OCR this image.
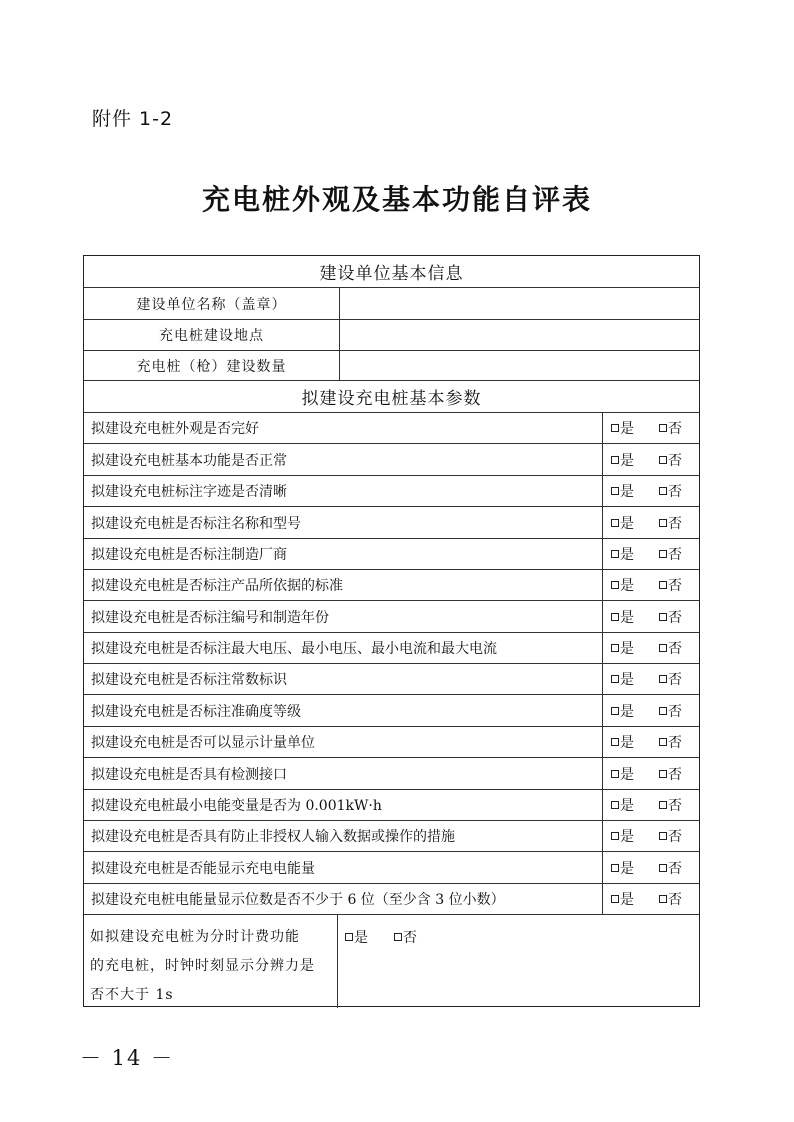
附件 1-2
充电桩外观及基本功能自评表
建设单位基本信息
建设单位名称（盖章）
充电桩建设地点
充电桩（枪）建设数量
拟建设充电桩基本参数
拟建设充电桩外观是否完好	是 否
拟建设充电桩基本功能是否正常	是 否
拟建设充电桩标注字迹是否清晰	是 否
拟建设充电桩是否标注名称和型号	是 否
拟建设充电桩是否标注制造厂商	是 否
拟建设充电桩是否标注产品所依据的标准	是 否
拟建设充电桩是否标注编号和制造年份	是 否
拟建设充电桩是否标注最大电压、最小电压、最小电流和最大电流	是 否
拟建设充电桩是否标注常数标识	是 否
拟建设充电桩是否标注准确度等级	是 否
拟建设充电桩是否可以显示计量单位	是 否
拟建设充电桩是否具有检测接口	是 否
拟建设充电桩最小电能变量是否为 0.001kW·h	是 否
拟建设充电桩是否具有防止非授权人输入数据或操作的措施	是 否
拟建设充电桩是否能显示充电电能量	是 否
拟建设充电桩电能量显示位数是否不少于 6 位（至少含 3 位小数）	是 否
如拟建设充电桩为分时计费功能
的充电桩，时钟时刻显示分辨力是
否不大于 1s
是	否
－ 14 －
